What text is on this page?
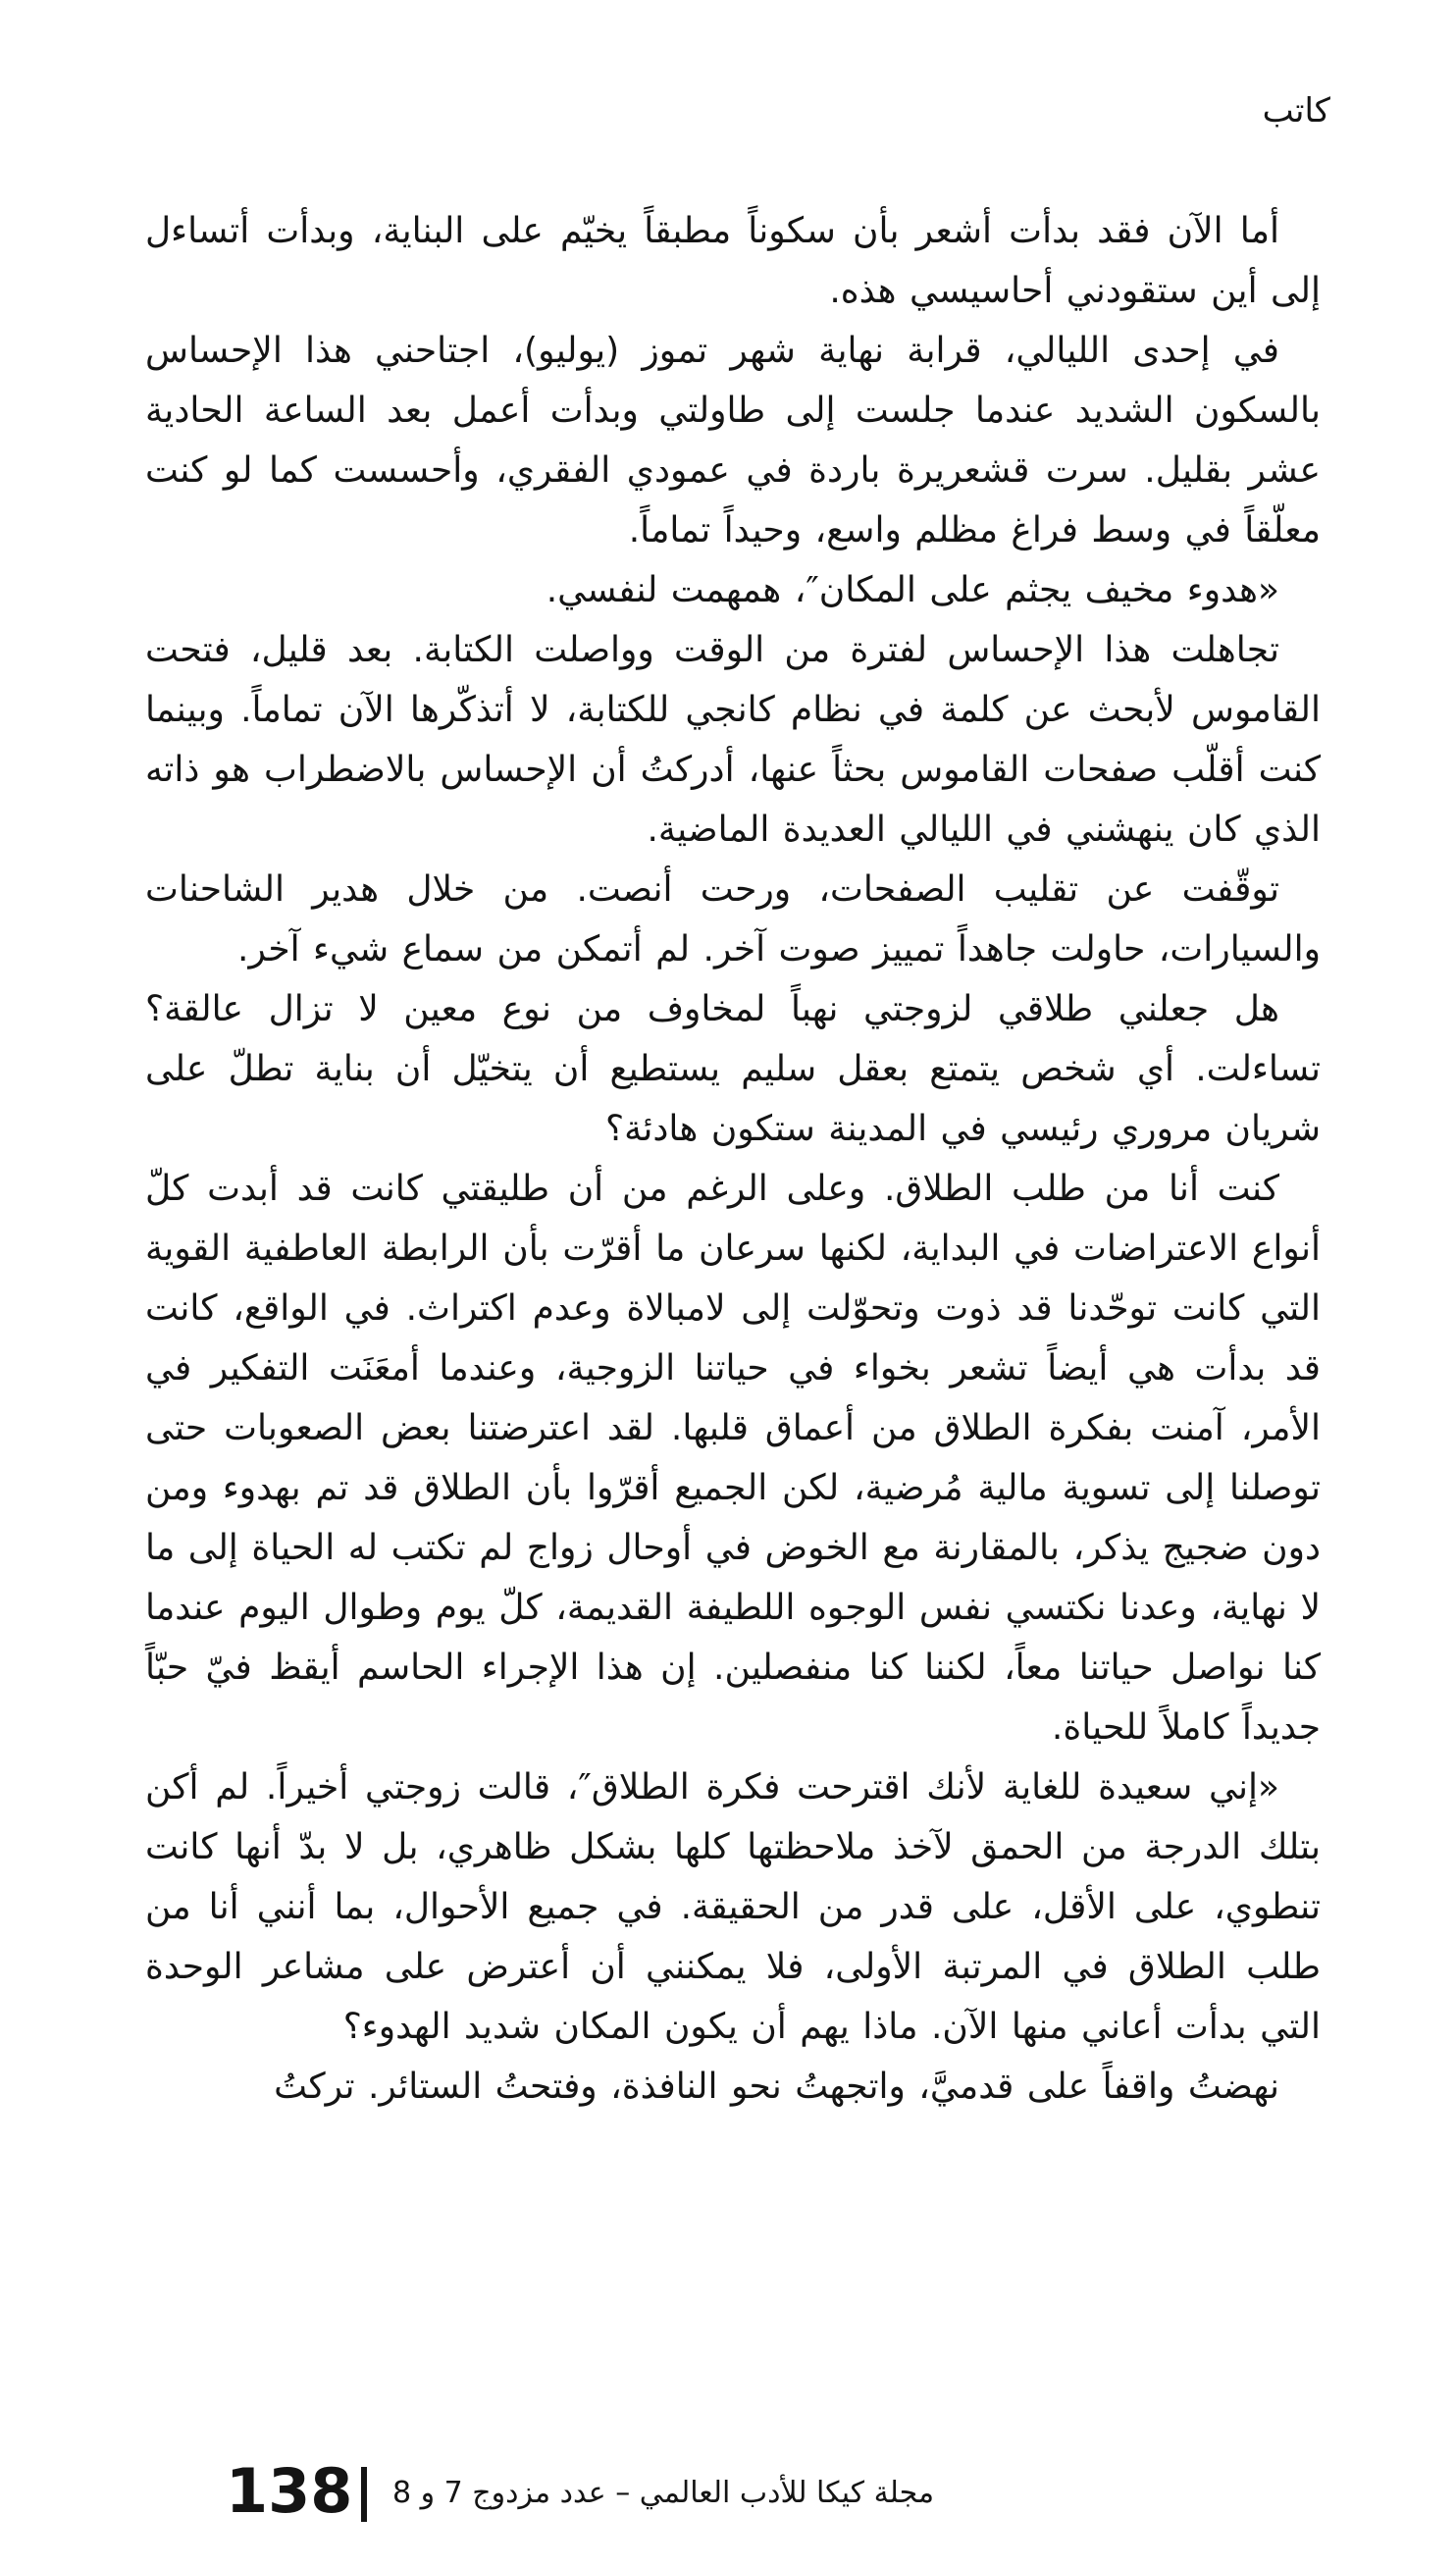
كاتب

أما الآن فقد بدأت أشعر بأن سكوناً مطبقاً يخيّم على البناية، وبدأت أتساءل إلى أين ستقودني أحاسيسي هذه.

في إحدى الليالي، قرابة نهاية شهر تموز (يوليو)، اجتاحني هذا الإحساس بالسكون الشديد عندما جلست إلى طاولتي وبدأت أعمل بعد الساعة الحادية عشر بقليل. سرت قشعريرة باردة في عمودي الفقري، وأحسست كما لو كنت معلّقاً في وسط فراغ مظلم واسع، وحيداً تماماً.

«هدوء مخيف يجثم على المكان″، همهمت لنفسي.

تجاهلت هذا الإحساس لفترة من الوقت وواصلت الكتابة. بعد قليل، فتحت القاموس لأبحث عن كلمة في نظام كانجي للكتابة، لا أتذكّرها الآن تماماً. وبينما كنت أقلّب صفحات القاموس بحثاً عنها، أدركتُ أن الإحساس بالاضطراب هو ذاته الذي كان ينهشني في الليالي العديدة الماضية.

توقّفت عن تقليب الصفحات، ورحت أنصت. من خلال هدير الشاحنات والسيارات، حاولت جاهداً تمييز صوت آخر. لم أتمكن من سماع شيء آخر.

هل جعلني طلاقي لزوجتي نهباً لمخاوف من نوع معين لا تزال عالقة؟ تساءلت. أي شخص يتمتع بعقل سليم يستطيع أن يتخيّل أن بناية تطلّ على شريان مروري رئيسي في المدينة ستكون هادئة؟

كنت أنا من طلب الطلاق. وعلى الرغم من أن طليقتي كانت قد أبدت كلّ أنواع الاعتراضات في البداية، لكنها سرعان ما أقرّت بأن الرابطة العاطفية القوية التي كانت توحّدنا قد ذوت وتحوّلت إلى لامبالاة وعدم اكتراث. في الواقع، كانت قد بدأت هي أيضاً تشعر بخواء في حياتنا الزوجية، وعندما أمعَنَت التفكير في الأمر، آمنت بفكرة الطلاق من أعماق قلبها. لقد اعترضتنا بعض الصعوبات حتى توصلنا إلى تسوية مالية مُرضية، لكن الجميع أقرّوا بأن الطلاق قد تم بهدوء ومن دون ضجيج يذكر، بالمقارنة مع الخوض في أوحال زواج لم تكتب له الحياة إلى ما لا نهاية، وعدنا نكتسي نفس الوجوه اللطيفة القديمة، كلّ يوم وطوال اليوم عندما كنا نواصل حياتنا معاً، لكننا كنا منفصلين. إن هذا الإجراء الحاسم أيقظ فيّ حبّاً جديداً كاملاً للحياة.

«إني سعيدة للغاية لأنك اقترحت فكرة الطلاق″، قالت زوجتي أخيراً. لم أكن بتلك الدرجة من الحمق لآخذ ملاحظتها كلها بشكل ظاهري، بل لا بدّ أنها كانت تنطوي، على الأقل، على قدر من الحقيقة. في جميع الأحوال، بما أنني أنا من طلب الطلاق في المرتبة الأولى، فلا يمكنني أن أعترض على مشاعر الوحدة التي بدأت أعاني منها الآن. ماذا يهم أن يكون المكان شديد الهدوء؟

نهضتُ واقفاً على قدميَّ، واتجهتُ نحو النافذة، وفتحتُ الستائر. تركتُ

138 مجلة كيكا للأدب العالمي – عدد مزدوج 7 و 8
